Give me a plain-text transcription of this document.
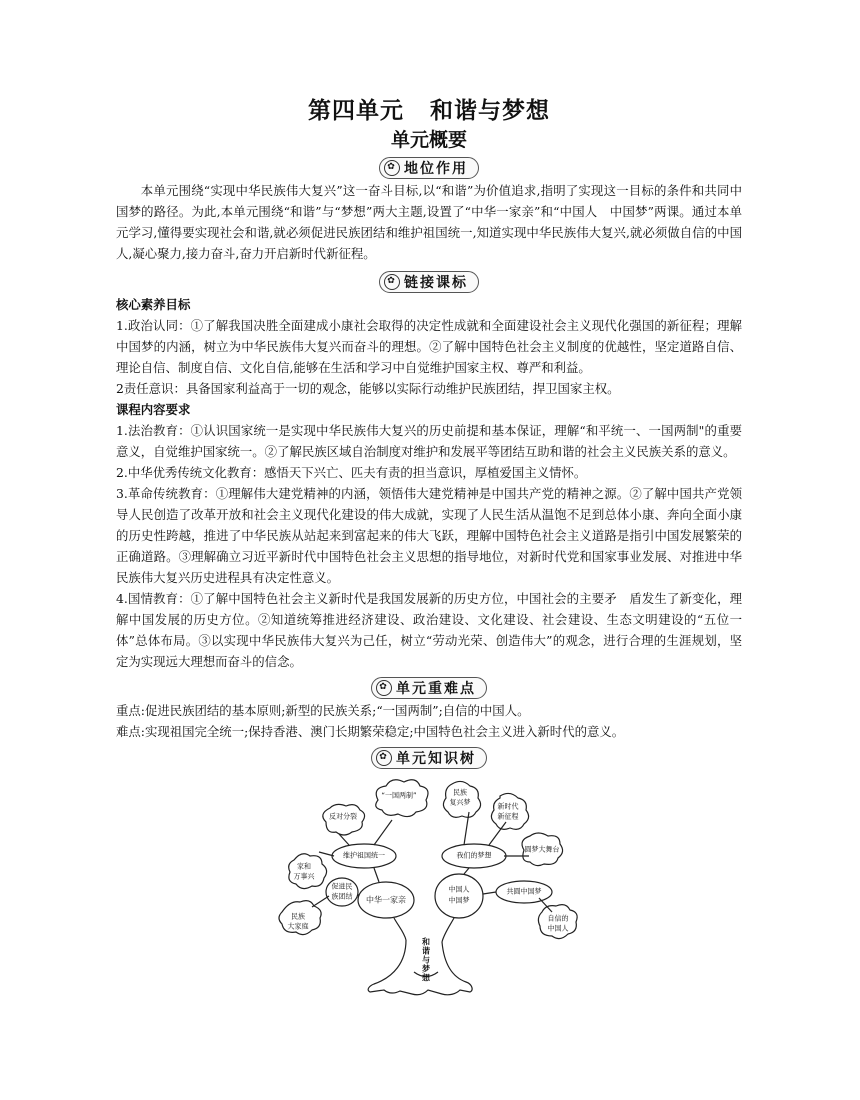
第四单元 和谐与梦想
单元概要
✿ 地位作用

本单元围绕“实现中华民族伟大复兴”这一奋斗目标,以“和谐”为价值追求,指明了实现这一目标的条件和共同中国梦的路径。为此,本单元围绕“和谐”与“梦想”两大主题,设置了“中华一家亲”和“中国人　中国梦”两课。通过本单元学习,懂得要实现社会和谐,就必须促进民族团结和维护祖国统一,知道实现中华民族伟大复兴,就必须做自信的中国人,凝心聚力,接力奋斗,奋力开启新时代新征程。

✿ 链接课标
核心素养目标

1.政治认同：①了解我国决胜全面建成小康社会取得的决定性成就和全面建设社会主义现代化强国的新征程；理解中国梦的内涵，树立为中华民族伟大复兴而奋斗的理想。②了解中国特色社会主义制度的优越性，坚定道路自信、理论自信、制度自信、文化自信,能够在生活和学习中自觉维护国家主权、尊严和利益。

2责任意识：具备国家利益高于一切的观念，能够以实际行动维护民族团结，捍卫国家主权。

课程内容要求

1.法治教育：①认识国家统一是实现中华民族伟大复兴的历史前提和基本保证，理解“和平统一、一国两制"的重要意义，自觉维护国家统一。②了解民族区域自治制度对维护和发展平等团结互助和谐的社会主义民族关系的意义。

2.中华优秀传统文化教育：感悟天下兴亡、匹夫有责的担当意识，厚植爱国主义情怀。

3.革命传统教育：①理解伟大建党精神的内涵，领悟伟大建党精神是中国共产党的精神之源。②了解中国共产党领导人民创造了改革开放和社会主义现代化建设的伟大成就，实现了人民生活从温饱不足到总体小康、奔向全面小康的历史性跨越，推进了中华民族从站起来到富起来的伟大飞跃，理解中国特色社会主义道路是指引中国发展繁荣的正确道路。③理解确立习近平新时代中国特色社会主义思想的指导地位，对新时代党和国家事业发展、对推进中华民族伟大复兴历史进程具有决定性意义。

4.国情教育：①了解中国特色社会主义新时代是我国发展新的历史方位，中国社会的主要矛　盾发生了新变化，理解中国发展的历史方位。②知道统筹推进经济建设、政治建设、文化建设、社会建设、生态文明建设的“五位一体”总体布局。③以实现中华民族伟大复兴为己任，树立“劳动光荣、创造伟大”的观念，进行合理的生涯规划，坚定为实现远大理想而奋斗的信念。

✿ 单元重难点

重点:促进民族团结的基本原则;新型的民族关系;“一国两制”;自信的中国人。

难点:实现祖国完全统一;保持香港、澳门长期繁荣稳定;中国特色社会主义进入新时代的意义。

✿ 单元知识树
中华一家亲
中国人
中国梦
维护祖国统一	我们的梦想
促进民
族团结
共圆中国梦
反对分裂
“一国两制”	民族
复兴梦	新时代
新征程
家和
万事兴
民族
大家庭
圆梦大舞台
自信的
中国人
和谐与梦想
